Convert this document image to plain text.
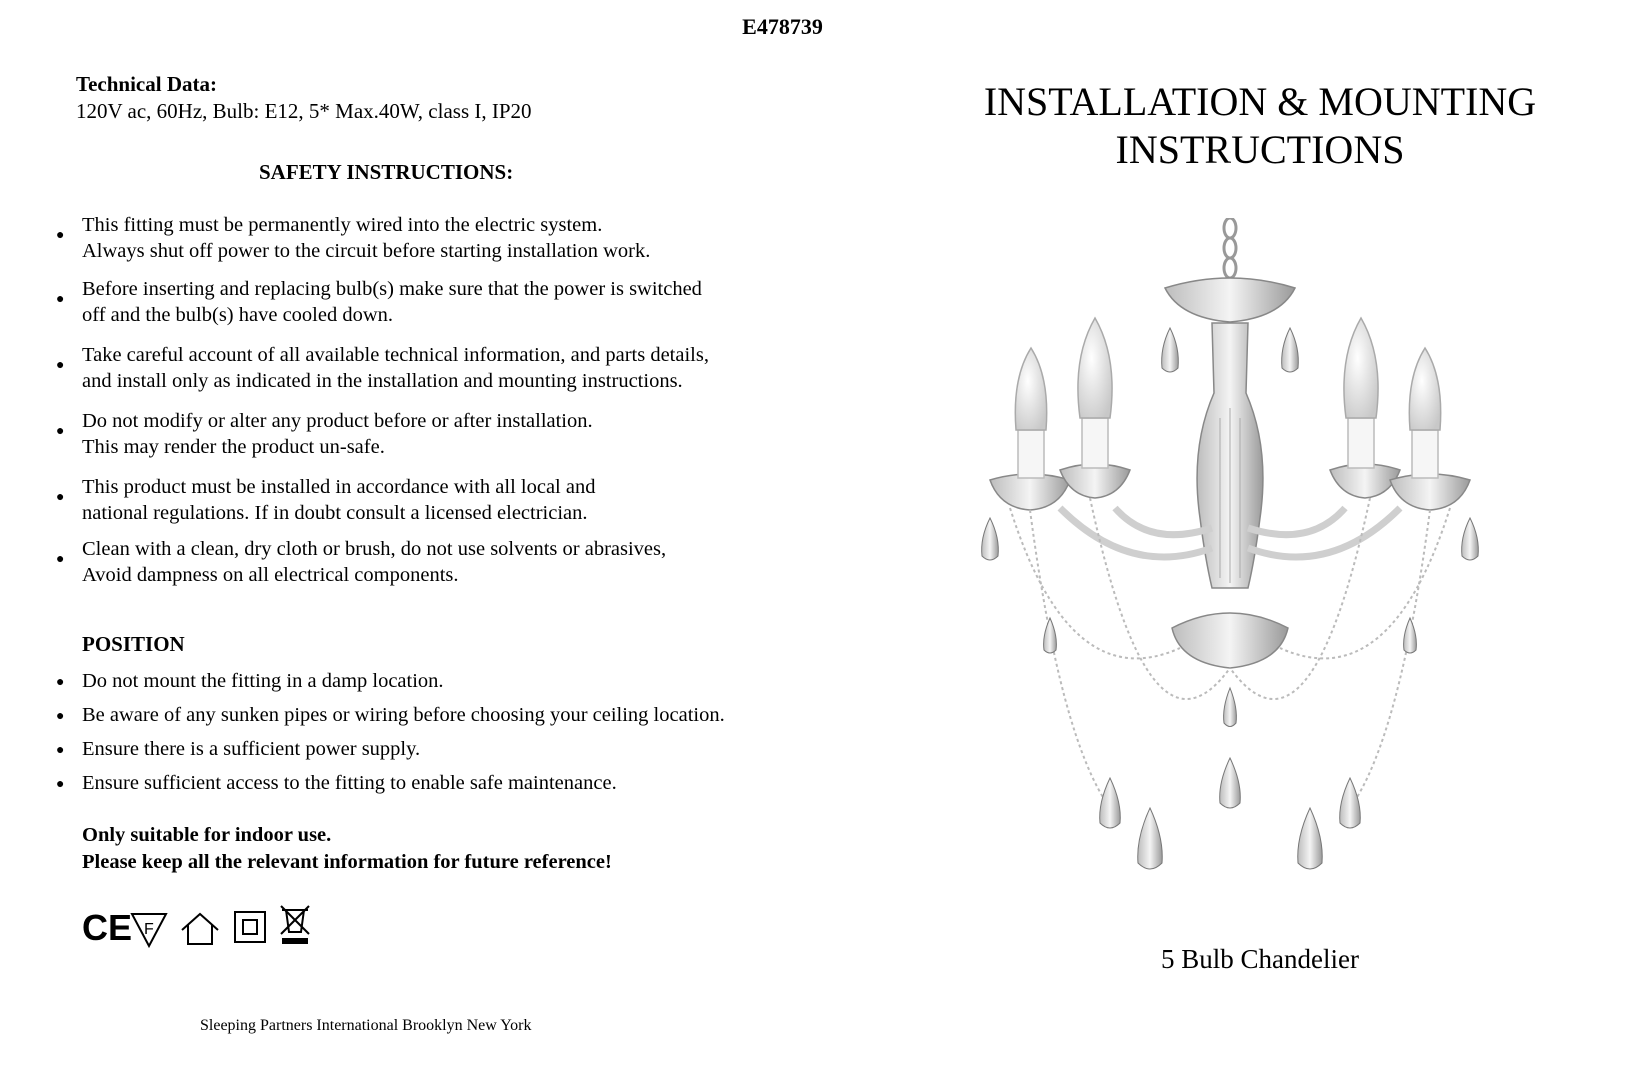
E478739
Technical Data:
120V ac, 60Hz, Bulb: E12, 5* Max.40W, class Ι, IP20
SAFETY INSTRUCTIONS:
● This fitting must be permanently wired into the electric system.
Always shut off power to the circuit before starting installation work.
● Before inserting and replacing bulb(s) make sure that the power is switched
off and the bulb(s) have cooled down.
● Take careful account of all available technical information, and parts details,
and install only as indicated in the installation and mounting instructions.
● Do not modify or alter any product before or after installation.
This may render the product un-safe.
● This product must be installed in accordance with all local and
national regulations. If in doubt consult a licensed electrician.
● Clean with a clean, dry cloth or brush, do not use solvents or abrasives,
Avoid dampness on all electrical components.
POSITION
● Do not mount the fitting in a damp location.
● Be aware of any sunken pipes or wiring before choosing your ceiling location.
● Ensure there is a sufficient power supply.
● Ensure sufficient access to the fitting to enable safe maintenance.
Only suitable for indoor use.
Please keep all the relevant information for future reference!
CE F
Sleeping Partners International Brooklyn New York
INSTALLATION & MOUNTING
INSTRUCTIONS
5 Bulb Chandelier
